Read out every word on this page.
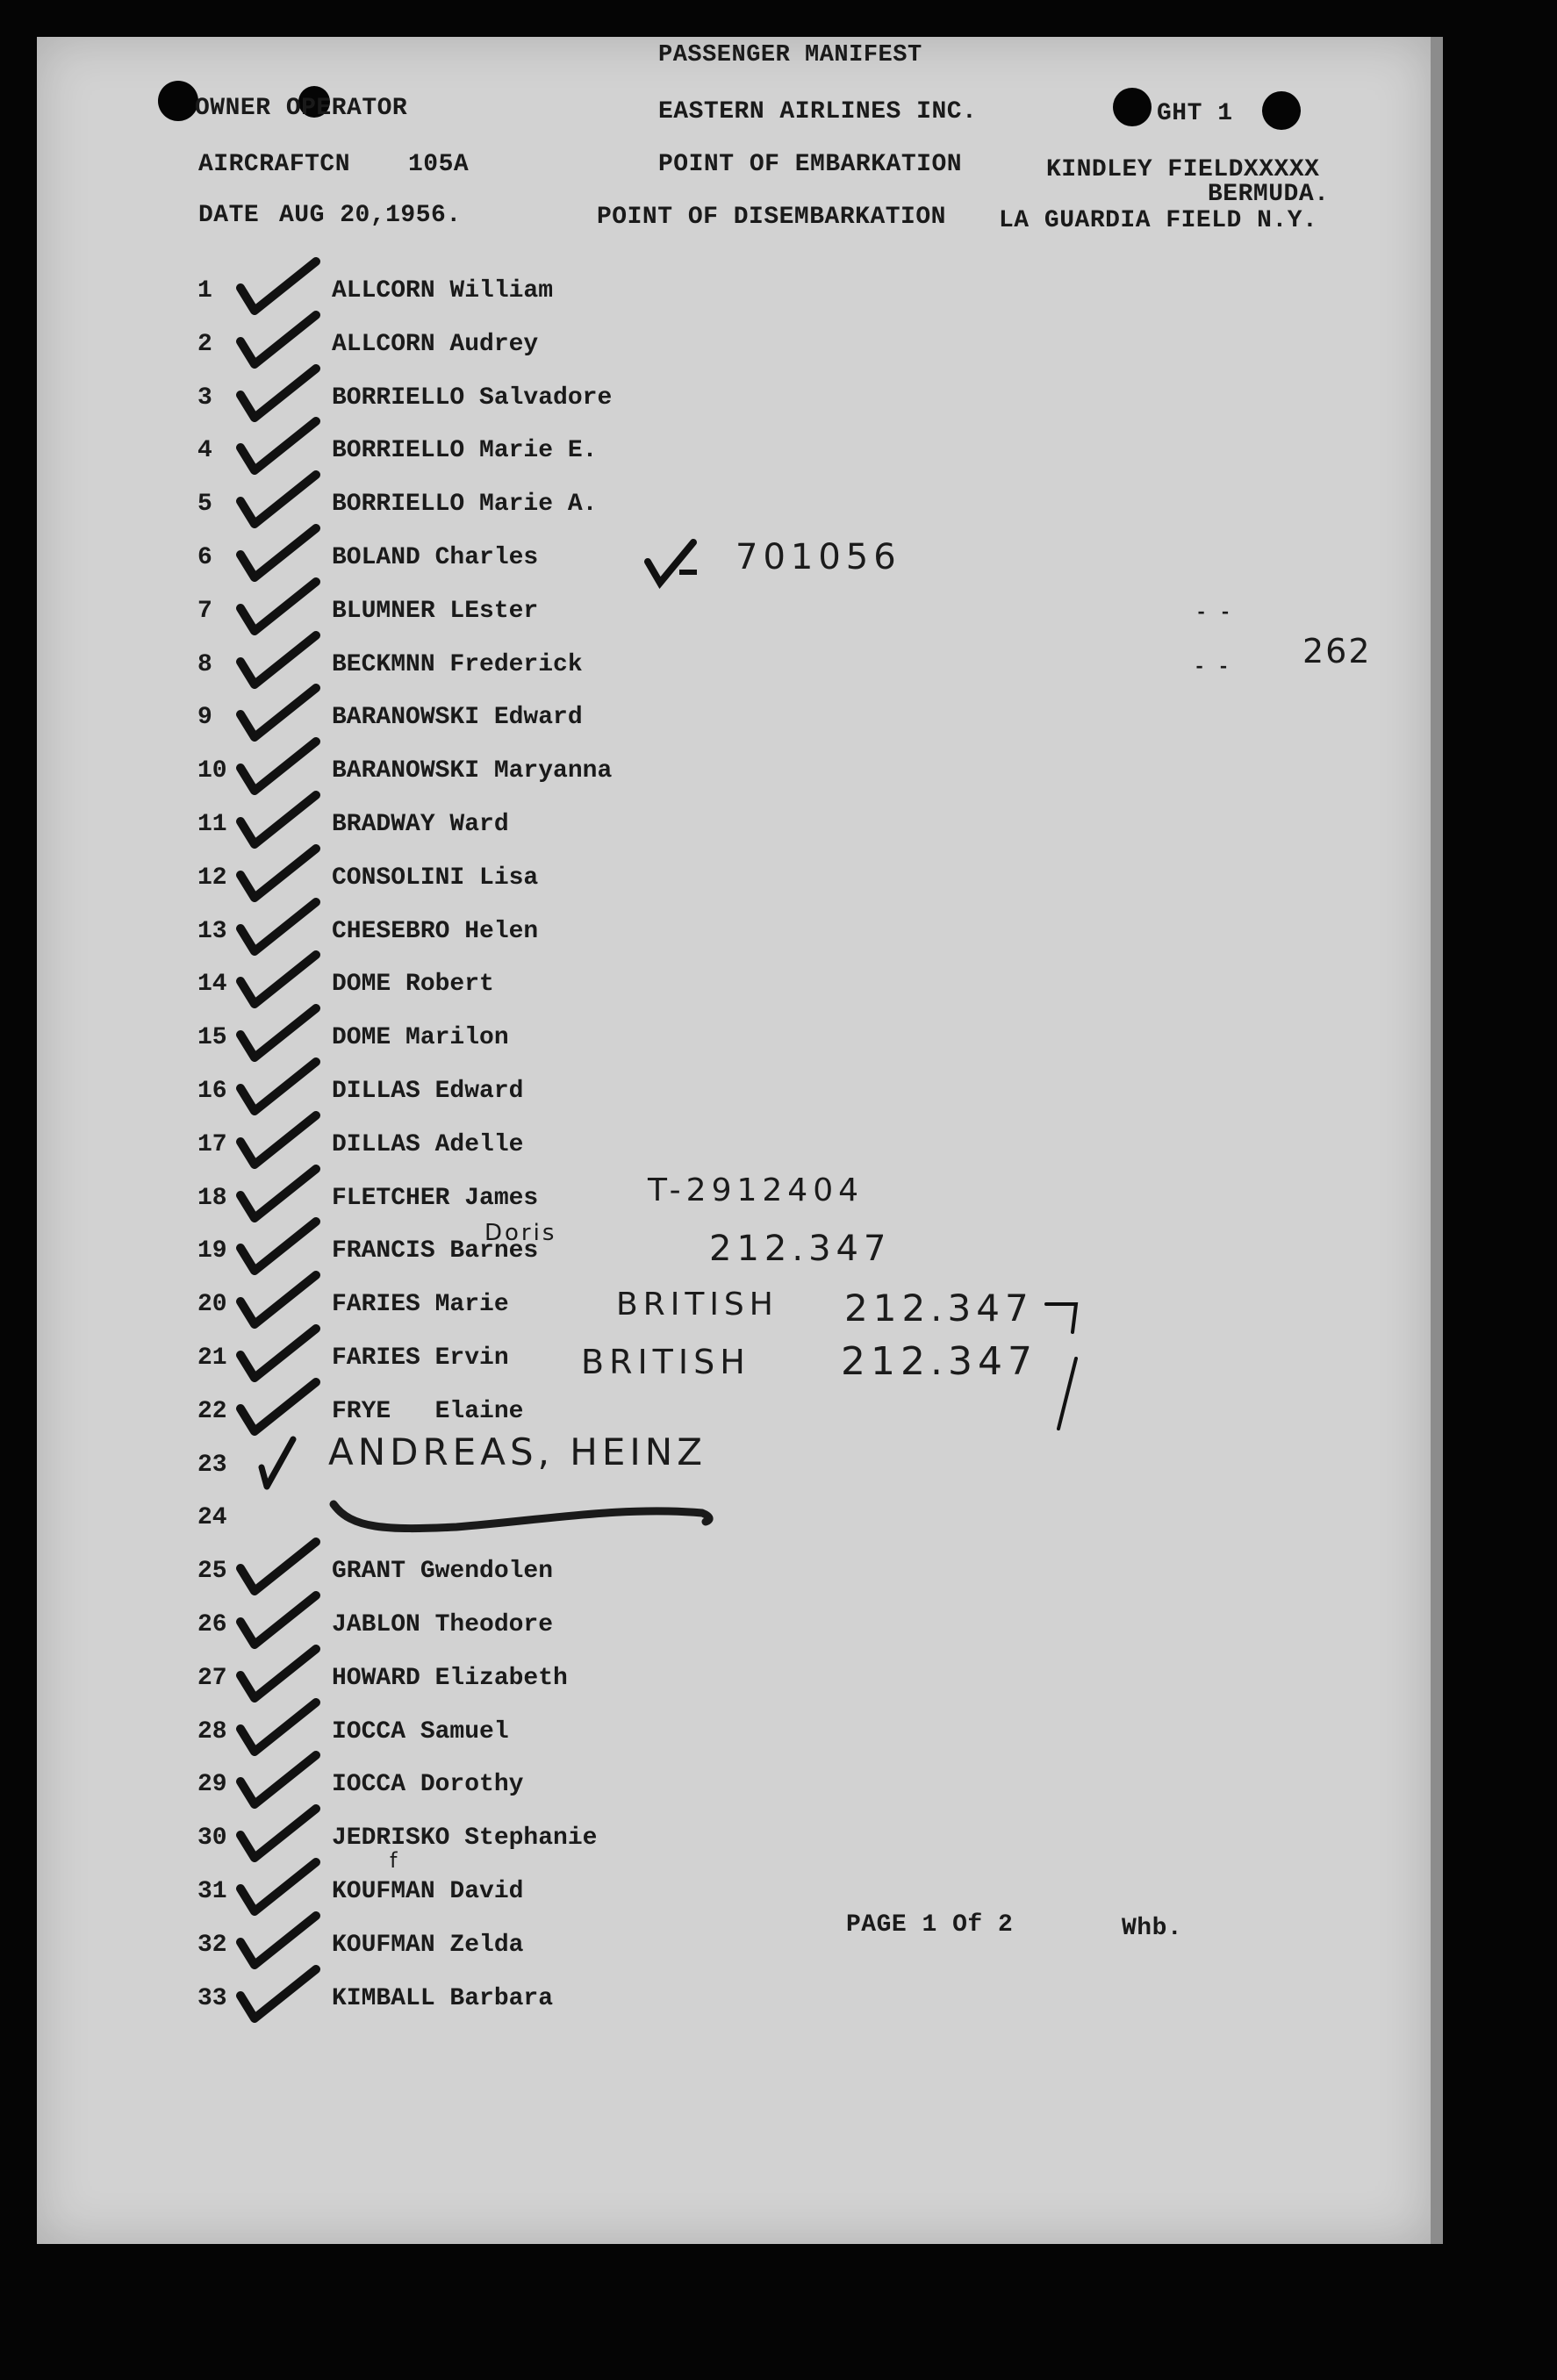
PASSENGER MANIFEST
OWNER OPERATOR	EASTERN AIRLINES INC.	GHT 1
AIRCRAFTCN 105A	POINT OF EMBARKATION	KINDLEY FIELDXXXXX
BERMUDA.
DATE AUG 20,1956.	POINT OF DISEMBARKATION LA GUARDIA FIELD N.Y.
262
- -
- -
1	ALLCORN William
2	ALLCORN Audrey
3	BORRIELLO Salvadore
4	BORRIELLO Marie E.
5	BORRIELLO Marie A.
6	BOLAND Charles
7	BLUMNER LEster
8	BECKMNN Frederick
9	BARANOWSKI Edward
10	BARANOWSKI Maryanna
11	BRADWAY Ward
12	CONSOLINI Lisa
13	CHESEBRO Helen
14	DOME Robert
15	DOME Marilon
16	DILLAS Edward
17	DILLAS Adelle
18	FLETCHER James
19	FRANCIS Barnes
20	FARIES Marie
21	FARIES Ervin
22	FRYE   Elaine
23
24
25	GRANT Gwendolen
26	JABLON Theodore
27	HOWARD Elizabeth
28	IOCCA Samuel
29	IOCCA Dorothy
30	JEDRISKO Stephanie
31	KOUFMAN David
32	KOUFMAN Zelda
33	KIMBALL Barbara
701056
T-2912404
Doris	212.347
BRITISH 212.347
BRITISH 212.347
ANDREAS, HEINZ
f
PAGE 1 Of 2	Whb.
